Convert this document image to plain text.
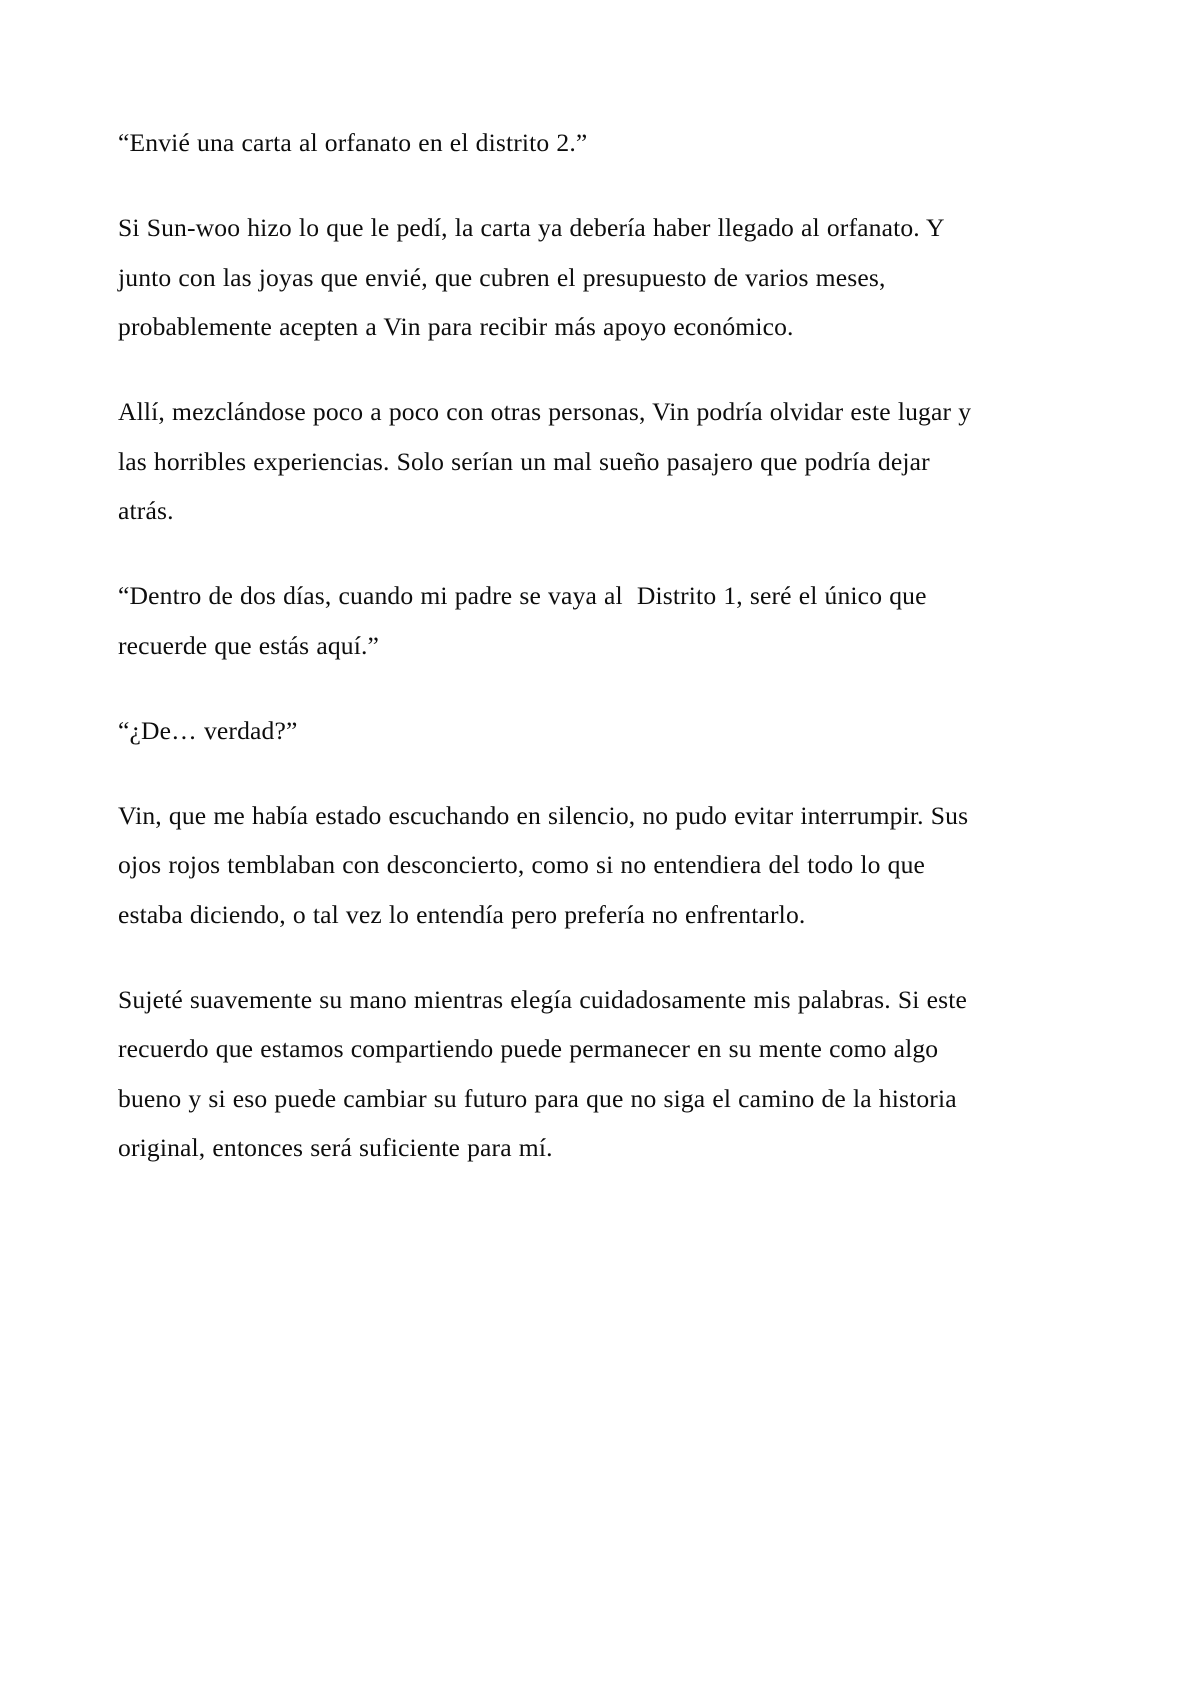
“Envié una carta al orfanato en el distrito 2.”

Si Sun-woo hizo lo que le pedí, la carta ya debería haber llegado al orfanato. Y junto con las joyas que envié, que cubren el presupuesto de varios meses, probablemente acepten a Vin para recibir más apoyo económico.

Allí, mezclándose poco a poco con otras personas, Vin podría olvidar este lugar y las horribles experiencias. Solo serían un mal sueño pasajero que podría dejar atrás.

“Dentro de dos días, cuando mi padre se vaya al  Distrito 1, seré el único que recuerde que estás aquí.”

“¿De… verdad?”

Vin, que me había estado escuchando en silencio, no pudo evitar interrumpir. Sus ojos rojos temblaban con desconcierto, como si no entendiera del todo lo que estaba diciendo, o tal vez lo entendía pero prefería no enfrentarlo.

Sujeté suavemente su mano mientras elegía cuidadosamente mis palabras. Si este recuerdo que estamos compartiendo puede permanecer en su mente como algo bueno y si eso puede cambiar su futuro para que no siga el camino de la historia original, entonces será suficiente para mí.
